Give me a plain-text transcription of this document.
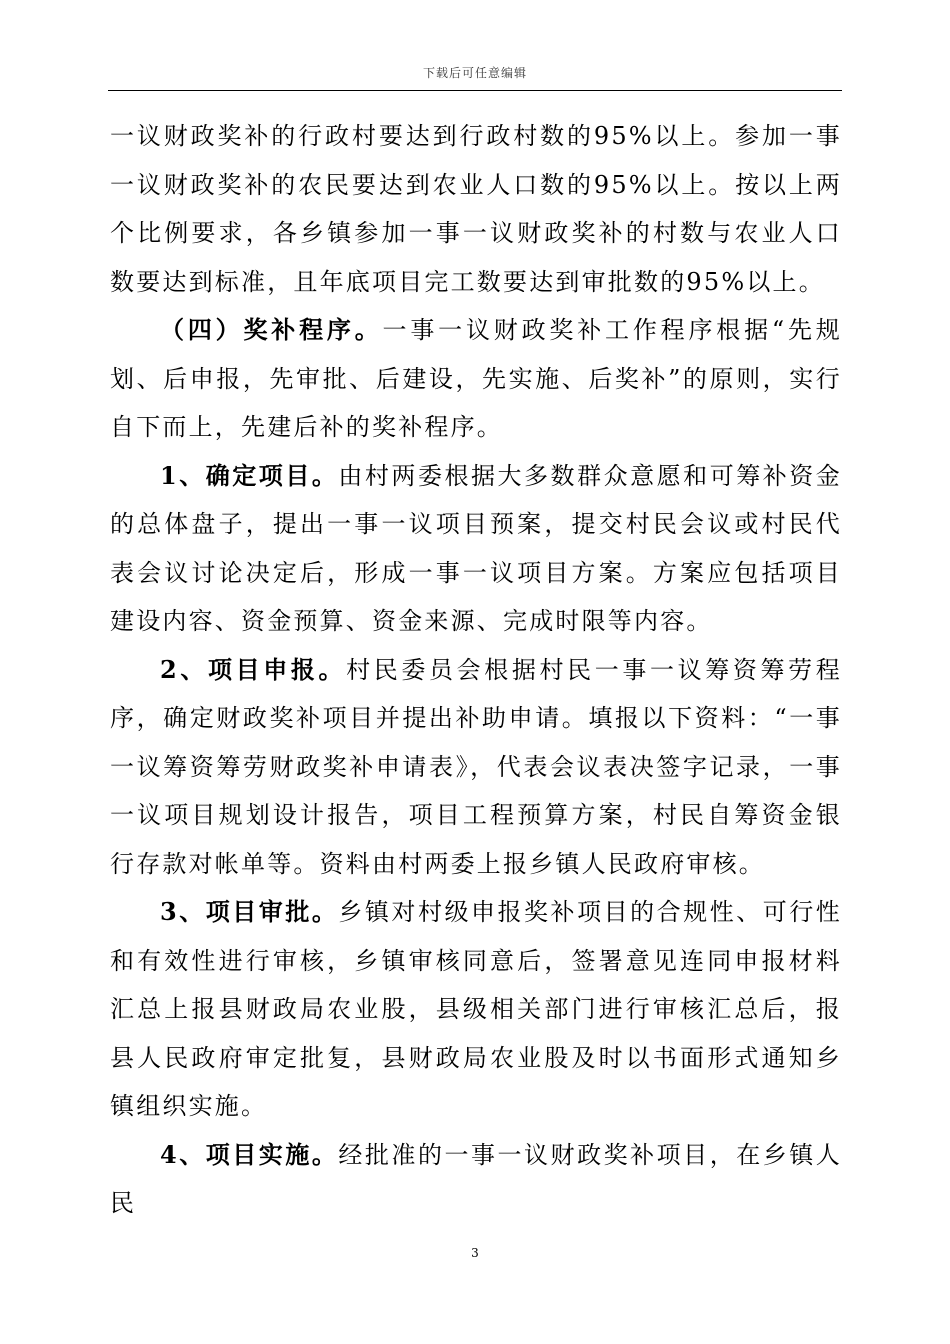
下载后可任意编辑

一议财政奖补的行政村要达到行政村数的95%以上。参加一事一议财政奖补的农民要达到农业人口数的95%以上。按以上两个比例要求，各乡镇参加一事一议财政奖补的村数与农业人口数要达到标准，且年底项目完工数要达到审批数的95%以上。

（四）奖补程序。一事一议财政奖补工作程序根据“先规划、后申报，先审批、后建设，先实施、后奖补”的原则，实行自下而上，先建后补的奖补程序。

1、确定项目。由村两委根据大多数群众意愿和可筹补资金的总体盘子，提出一事一议项目预案，提交村民会议或村民代表会议讨论决定后，形成一事一议项目方案。方案应包括项目建设内容、资金预算、资金来源、完成时限等内容。

2、项目申报。村民委员会根据村民一事一议筹资筹劳程序，确定财政奖补项目并提出补助申请。填报以下资料：“一事一议筹资筹劳财政奖补申请表》，代表会议表决签字记录，一事一议项目规划设计报告，项目工程预算方案，村民自筹资金银行存款对帐单等。资料由村两委上报乡镇人民政府审核。

3、项目审批。乡镇对村级申报奖补项目的合规性、可行性和有效性进行审核，乡镇审核同意后，签署意见连同申报材料汇总上报县财政局农业股，县级相关部门进行审核汇总后，报县人民政府审定批复，县财政局农业股及时以书面形式通知乡镇组织实施。

4、项目实施。经批准的一事一议财政奖补项目，在乡镇人民

3
